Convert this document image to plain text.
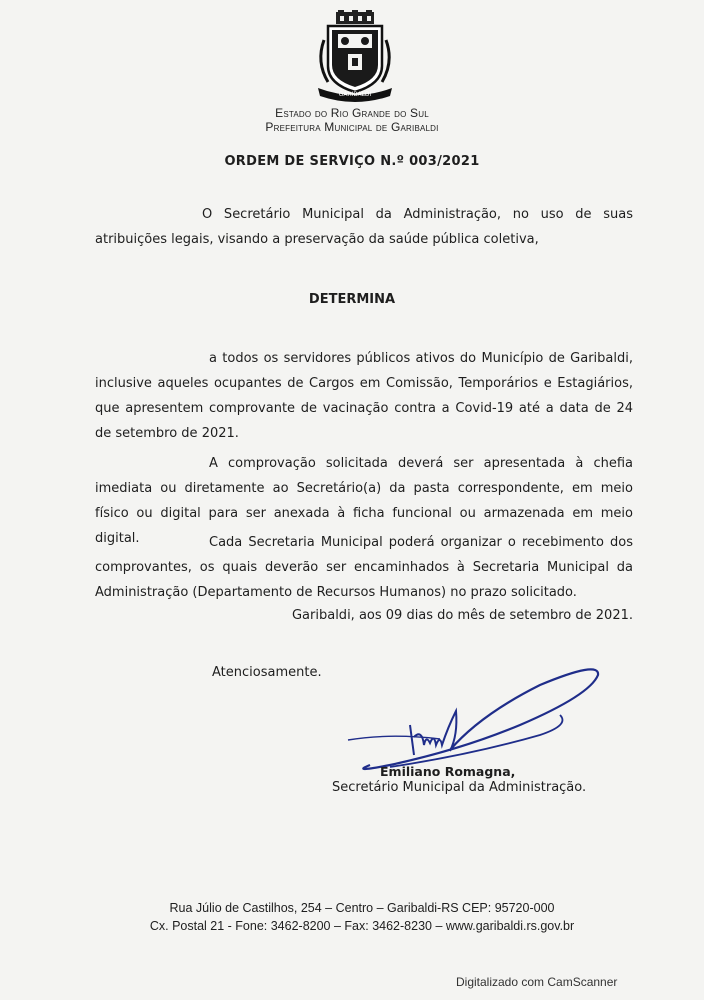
GARIBALDI
Estado do Rio Grande do Sul
Prefeitura Municipal de Garibaldi
ORDEM DE SERVIÇO N.º 003/2021
O Secretário Municipal da Administração, no uso de suas atribuições legais, visando a preservação da saúde pública coletiva,
DETERMINA
a todos os servidores públicos ativos do Município de Garibaldi, inclusive aqueles ocupantes de Cargos em Comissão, Temporários e Estagiários, que apresentem comprovante de vacinação contra a Covid-19 até a data de 24 de setembro de 2021.
A comprovação solicitada deverá ser apresentada à chefia imediata ou diretamente ao Secretário(a) da pasta correspondente, em meio físico ou digital para ser anexada à ficha funcional ou armazenada em meio digital.	Cada Secretaria Municipal poderá organizar o recebimento dos comprovantes, os quais deverão ser encaminhados à Secretaria Municipal da Administração (Departamento de Recursos Humanos) no prazo solicitado.
Garibaldi, aos 09 dias do mês de setembro de 2021.
Atenciosamente.
Emiliano Romagna,
Secretário Municipal da Administração.
Rua Júlio de Castilhos, 254 – Centro – Garibaldi-RS CEP: 95720-000
Cx. Postal 21 - Fone: 3462-8200 – Fax: 3462-8230 – www.garibaldi.rs.gov.br
Digitalizado com CamScanner
